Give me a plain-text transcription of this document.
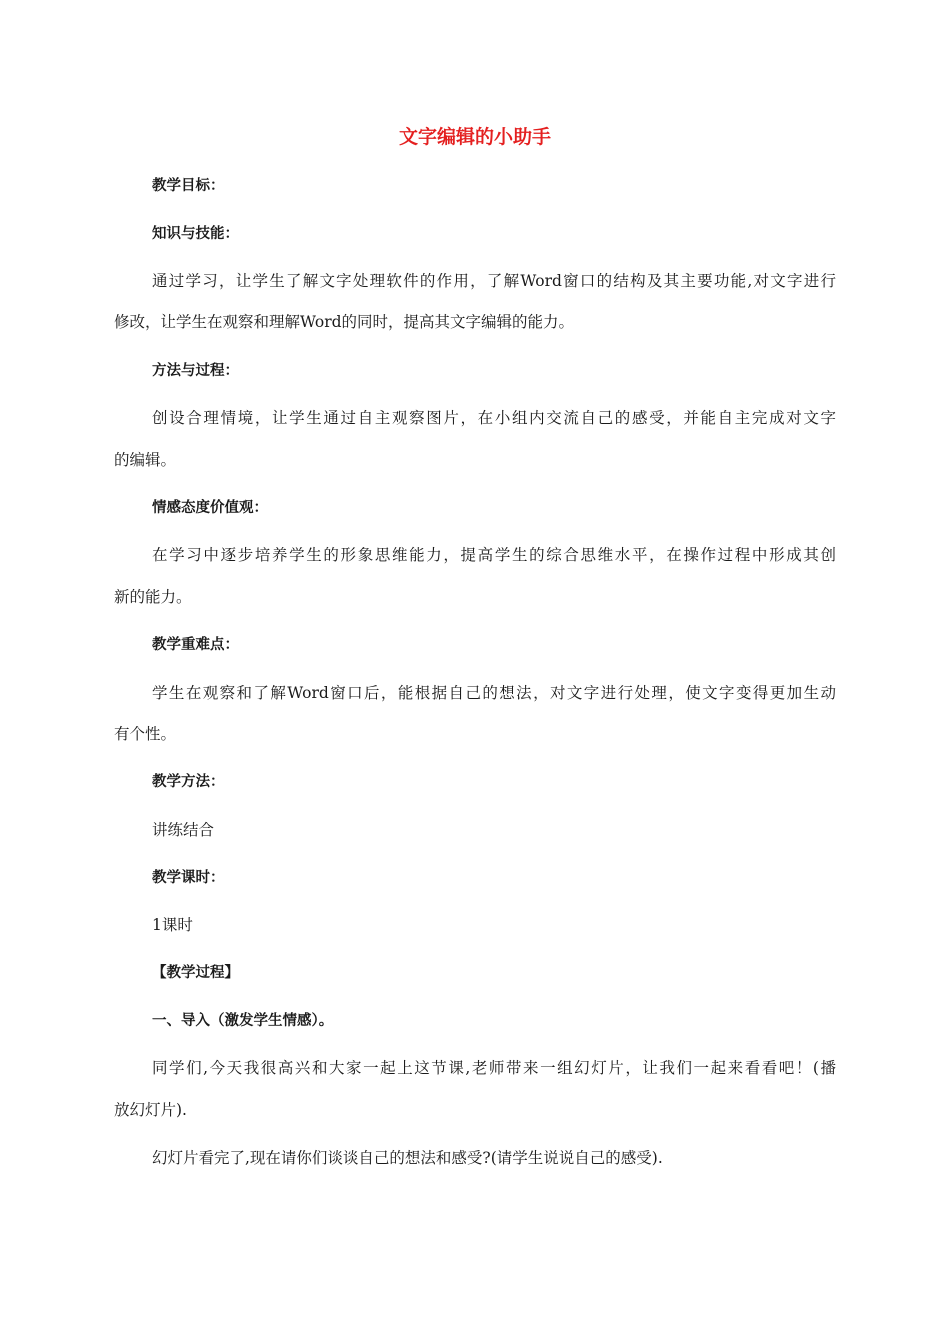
文字编辑的小助手
教学目标：
知识与技能：
通过学习，让学生了解文字处理软件的作用，了解Word窗口的结构及其主要功能,对文字进行
修改，让学生在观察和理解Word的同时，提高其文字编辑的能力。
方法与过程：
创设合理情境，让学生通过自主观察图片，在小组内交流自己的感受，并能自主完成对文字
的编辑。
情感态度价值观：
在学习中逐步培养学生的形象思维能力，提高学生的综合思维水平，在操作过程中形成其创
新的能力。
教学重难点：
学生在观察和了解Word窗口后，能根据自己的想法，对文字进行处理，使文字变得更加生动
有个性。
教学方法：
讲练结合
教学课时：
1课时
【教学过程】
一、导入（激发学生情感）。
同学们,今天我很高兴和大家一起上这节课,老师带来一组幻灯片，让我们一起来看看吧！(播
放幻灯片).
幻灯片看完了,现在请你们谈谈自己的想法和感受?(请学生说说自己的感受).
